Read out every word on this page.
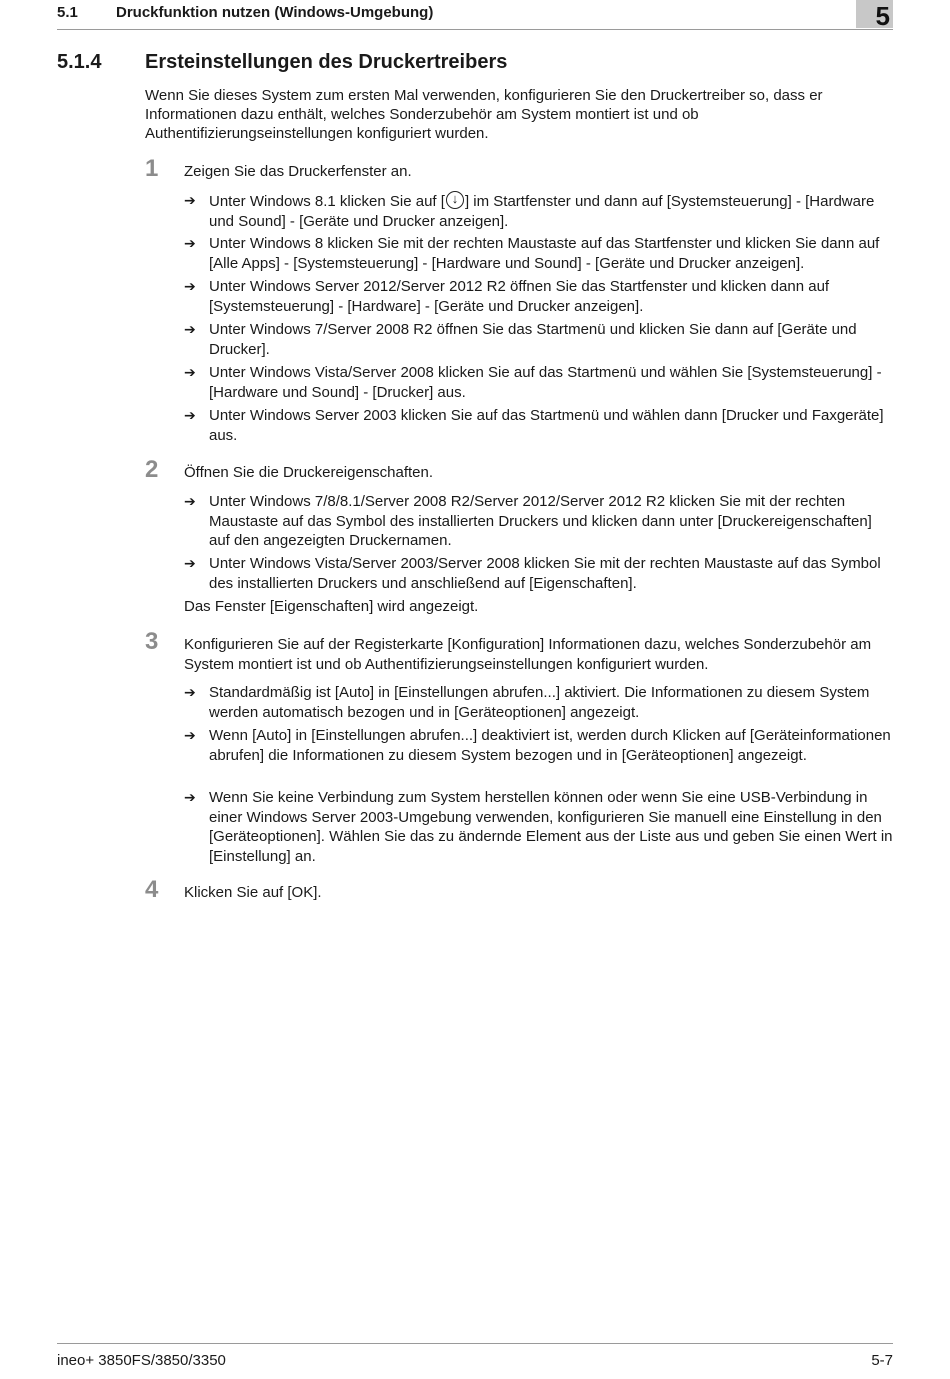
5.1	Druckfunktion nutzen (Windows-Umgebung)	5
5.1.4 Ersteinstellungen des Druckertreibers
Wenn Sie dieses System zum ersten Mal verwenden, konfigurieren Sie den Druckertreiber so, dass er Informationen dazu enthält, welches Sonderzubehör am System montiert ist und ob Authentifizierungseinstellungen konfiguriert wurden.
1 Zeigen Sie das Druckerfenster an.
➔ Unter Windows 8.1 klicken Sie auf [↓ ] im Startfenster und dann auf [Systemsteuerung] - [Hardware und Sound] - [Geräte und Drucker anzeigen].
➔ Unter Windows 8 klicken Sie mit der rechten Maustaste auf das Startfenster und klicken Sie dann auf [Alle Apps] - [Systemsteuerung] - [Hardware und Sound] - [Geräte und Drucker anzeigen].
➔ Unter Windows Server 2012/Server 2012 R2 öffnen Sie das Startfenster und klicken dann auf [Systemsteuerung] - [Hardware] - [Geräte und Drucker anzeigen].
➔ Unter Windows 7/Server 2008 R2 öffnen Sie das Startmenü und klicken Sie dann auf [Geräte und Drucker].
➔ Unter Windows Vista/Server 2008 klicken Sie auf das Startmenü und wählen Sie [Systemsteuerung] - [Hardware und Sound] - [Drucker] aus.
➔ Unter Windows Server 2003 klicken Sie auf das Startmenü und wählen dann [Drucker und Faxgeräte] aus.
2 Öffnen Sie die Druckereigenschaften.
➔ Unter Windows 7/8/8.1/Server 2008 R2/Server 2012/Server 2012 R2 klicken Sie mit der rechten Maustaste auf das Symbol des installierten Druckers und klicken dann unter [Druckereigenschaften] auf den angezeigten Druckernamen.
➔ Unter Windows Vista/Server 2003/Server 2008 klicken Sie mit der rechten Maustaste auf das Symbol des installierten Druckers und anschließend auf [Eigenschaften].
Das Fenster [Eigenschaften] wird angezeigt.
3 Konfigurieren Sie auf der Registerkarte [Konfiguration] Informationen dazu, welches Sonderzubehör am System montiert ist und ob Authentifizierungseinstellungen konfiguriert wurden.
➔ Standardmäßig ist [Auto] in [Einstellungen abrufen...] aktiviert. Die Informationen zu diesem System werden automatisch bezogen und in [Geräteoptionen] angezeigt.
➔ Wenn [Auto] in [Einstellungen abrufen...] deaktiviert ist, werden durch Klicken auf [Geräteinformationen abrufen] die Informationen zu diesem System bezogen und in [Geräteoptionen] angezeigt.
➔ Wenn Sie keine Verbindung zum System herstellen können oder wenn Sie eine USB-Verbindung in einer Windows Server 2003-Umgebung verwenden, konfigurieren Sie manuell eine Einstellung in den [Geräteoptionen]. Wählen Sie das zu ändernde Element aus der Liste aus und geben Sie einen Wert in [Einstellung] an.
4 Klicken Sie auf [OK].
ineo+ 3850FS/3850/3350	5-7
